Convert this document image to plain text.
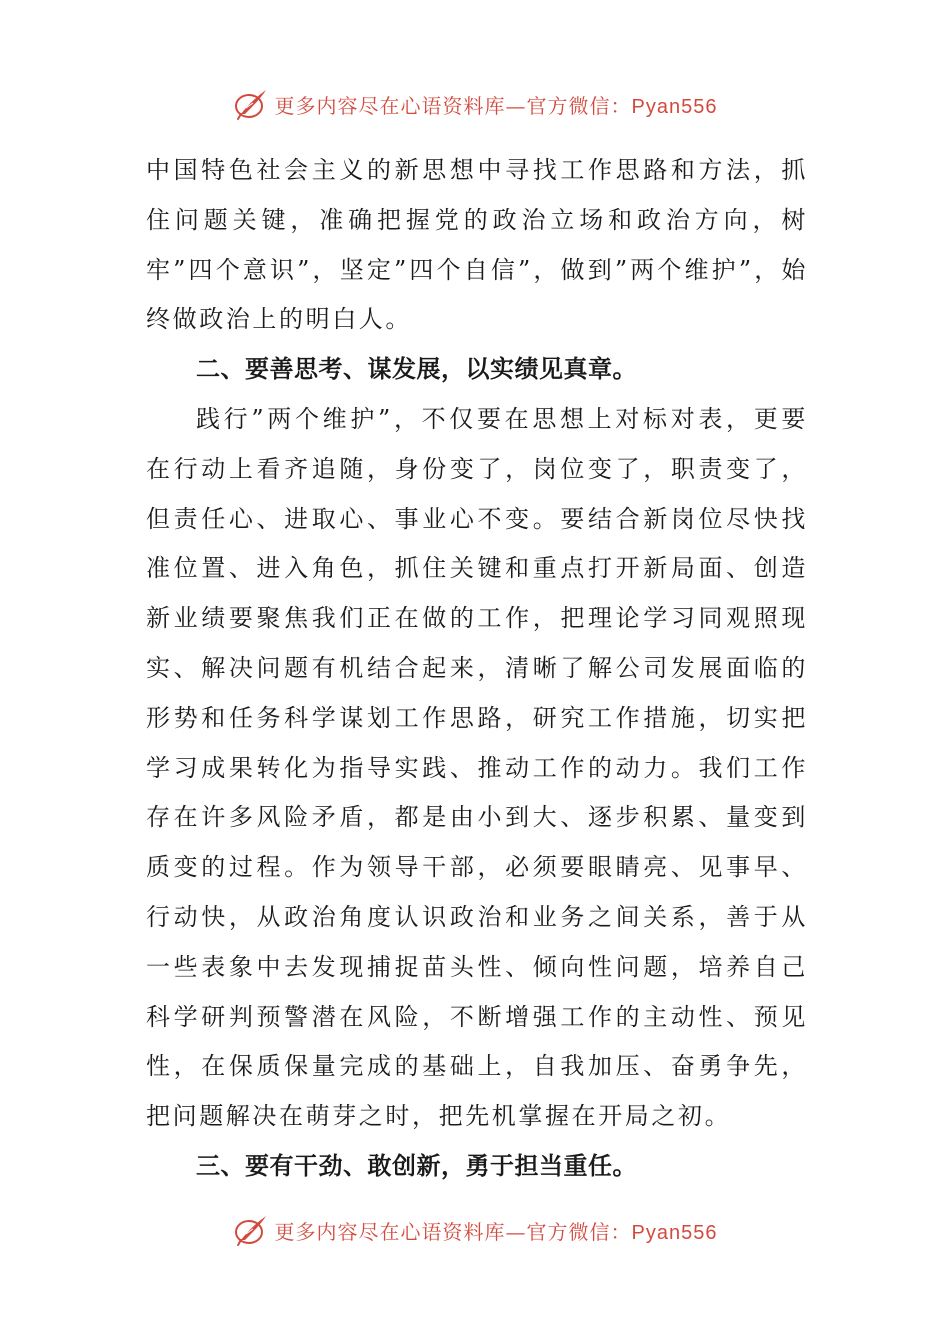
更多内容尽在心语资料库—官方微信：Pyan556

中国特色社会主义的新思想中寻找工作思路和方法，抓住问题关键，准确把握党的政治立场和政治方向，树牢”四个意识”，坚定”四个自信”，做到”两个维护”，始终做政治上的明白人。

二、要善思考、谋发展，以实绩见真章。

践行”两个维护”，不仅要在思想上对标对表，更要在行动上看齐追随，身份变了，岗位变了，职责变了，但责任心、进取心、事业心不变。要结合新岗位尽快找准位置、进入角色，抓住关键和重点打开新局面、创造新业绩要聚焦我们正在做的工作，把理论学习同观照现实、解决问题有机结合起来，清晰了解公司发展面临的形势和任务科学谋划工作思路，研究工作措施，切实把学习成果转化为指导实践、推动工作的动力。我们工作存在许多风险矛盾，都是由小到大、逐步积累、量变到质变的过程。作为领导干部，必须要眼睛亮、见事早、行动快，从政治角度认识政治和业务之间关系，善于从一些表象中去发现捕捉苗头性、倾向性问题，培养自己科学研判预警潜在风险，不断增强工作的主动性、预见性，在保质保量完成的基础上，自我加压、奋勇争先，把问题解决在萌芽之时，把先机掌握在开局之初。

三、要有干劲、敢创新，勇于担当重任。

更多内容尽在心语资料库—官方微信：Pyan556
